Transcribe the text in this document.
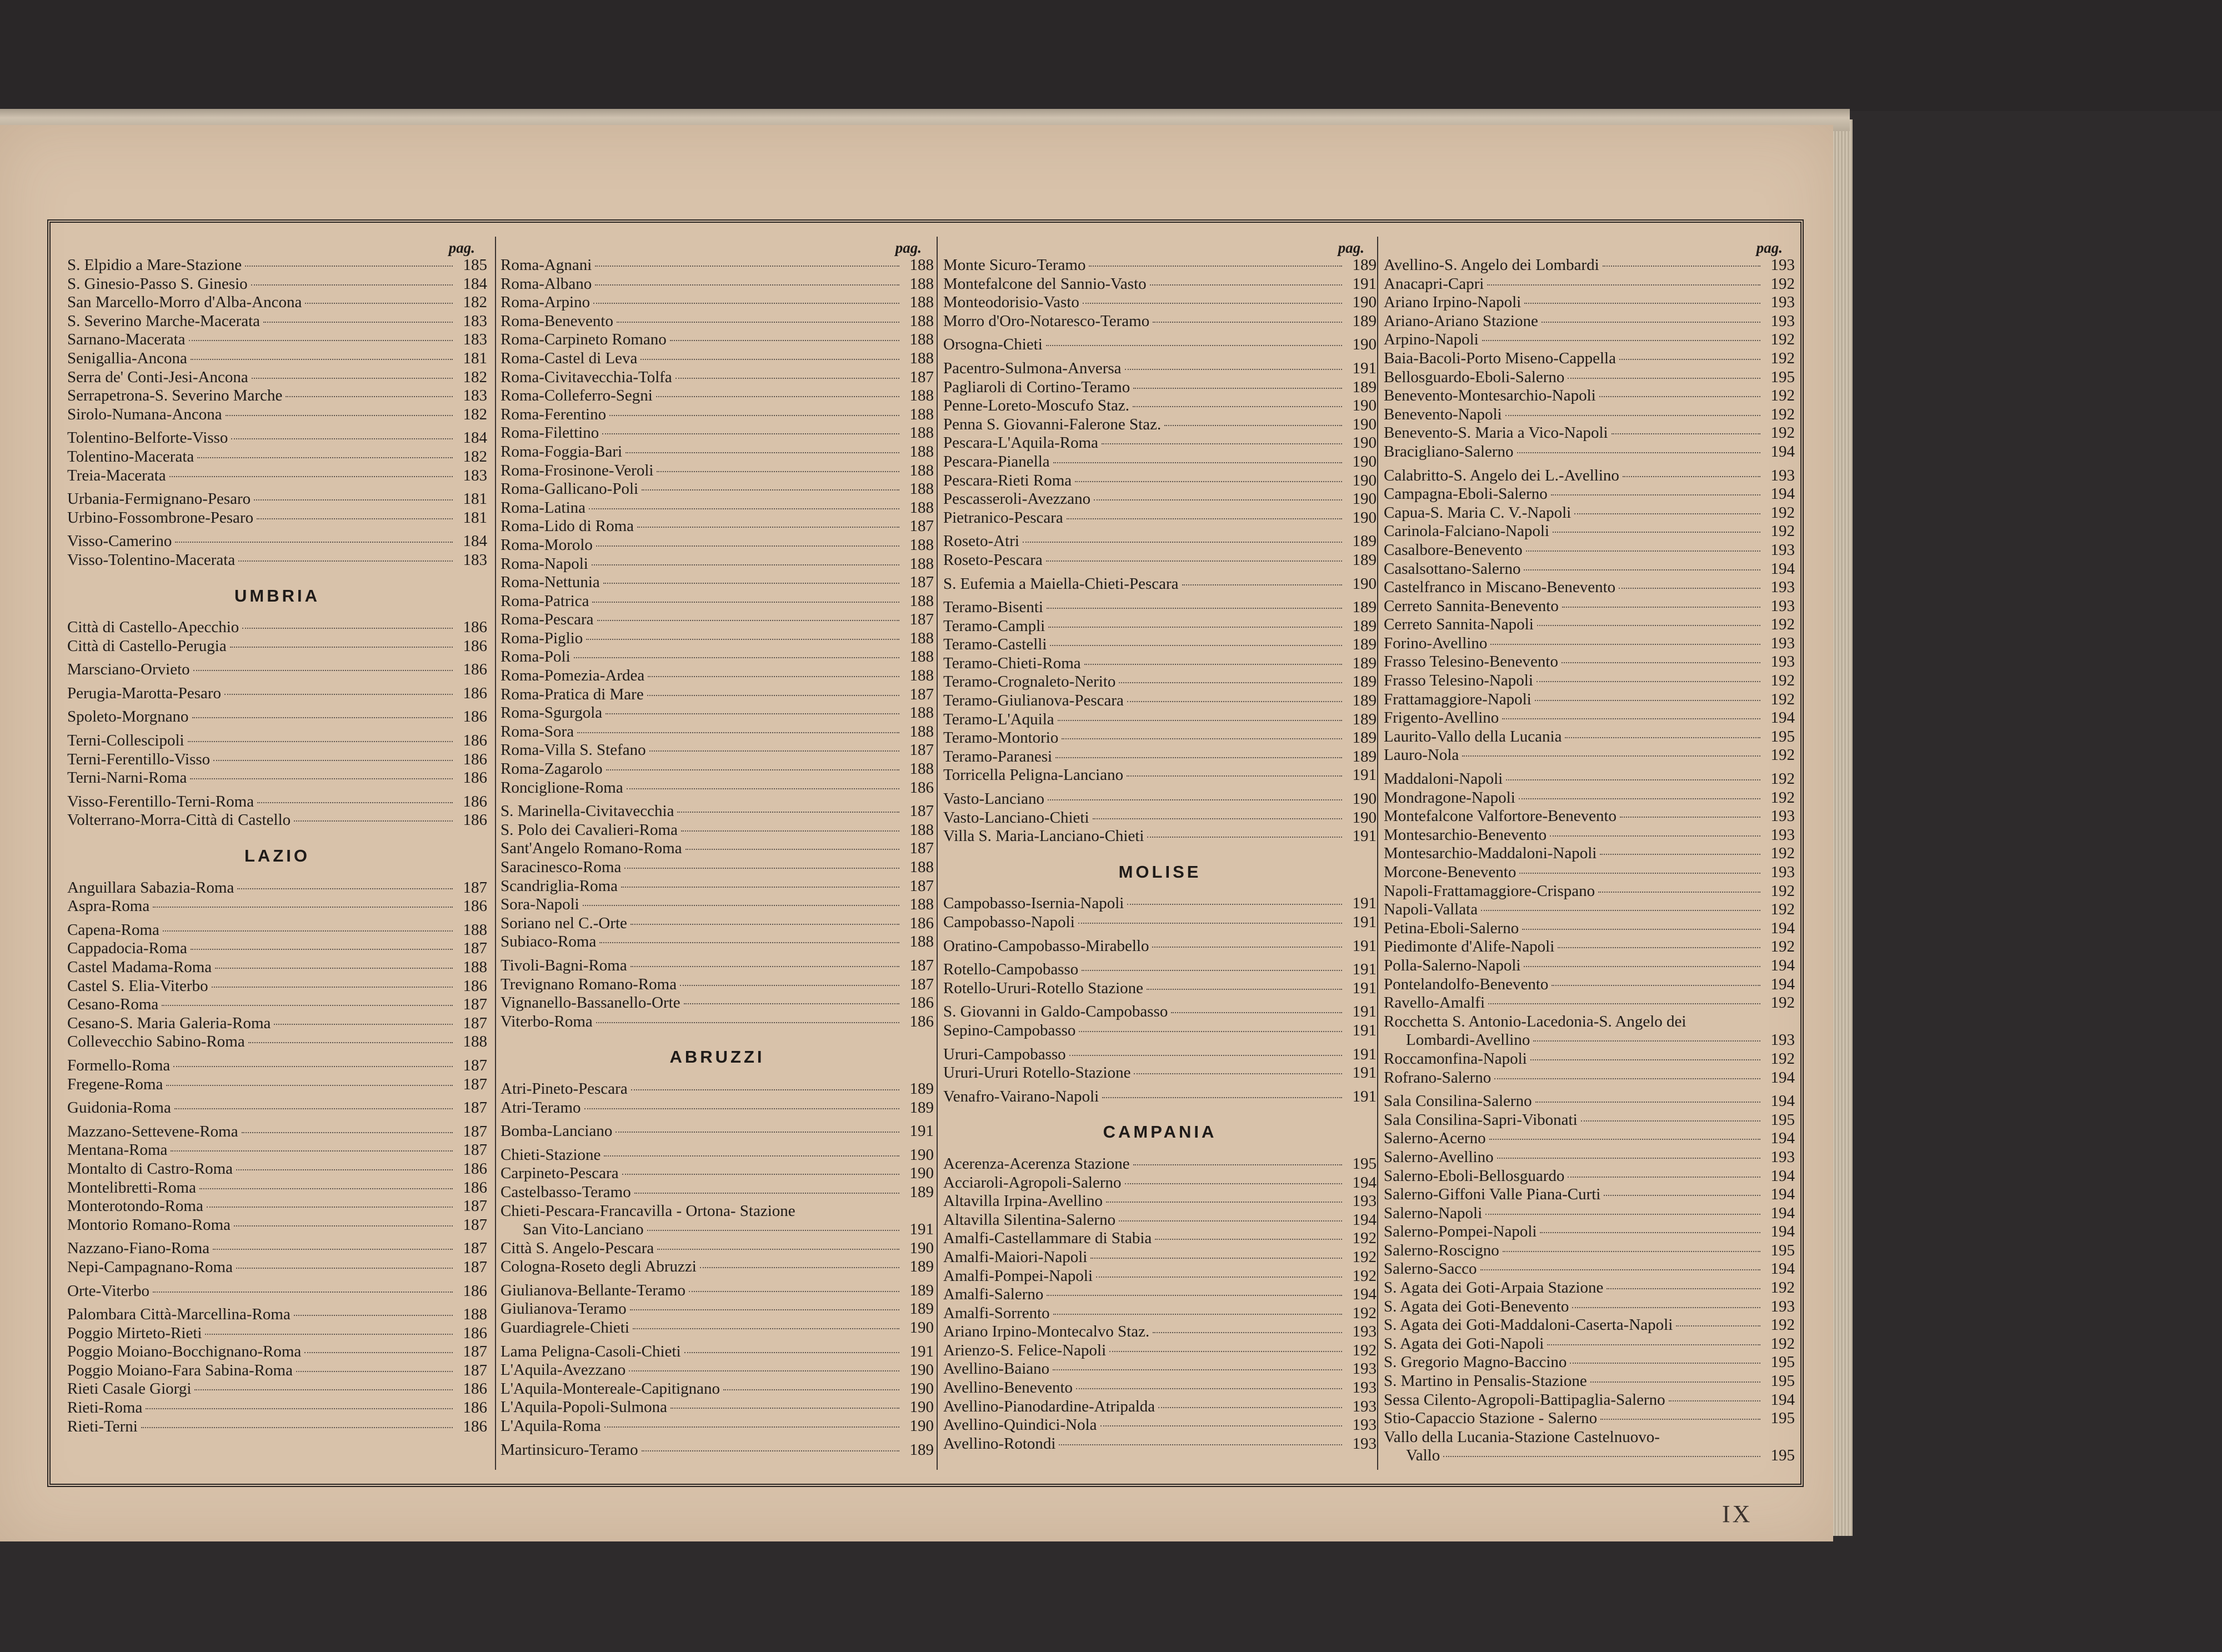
pag.
S. Elpidio a Mare-Stazione	185
S. Ginesio-Passo S. Ginesio	184
San Marcello-Morro d'Alba-Ancona	182
S. Severino Marche-Macerata	183
Sarnano-Macerata	183
Senigallia-Ancona	181
Serra de' Conti-Jesi-Ancona	182
Serrapetrona-S. Severino Marche	183
Sirolo-Numana-Ancona	182
Tolentino-Belforte-Visso	184
Tolentino-Macerata	182
Treia-Macerata	183
Urbania-Fermignano-Pesaro	181
Urbino-Fossombrone-Pesaro	181
Visso-Camerino	184
Visso-Tolentino-Macerata	183
UMBRIA
Città di Castello-Apecchio	186
Città di Castello-Perugia	186
Marsciano-Orvieto	186
Perugia-Marotta-Pesaro	186
Spoleto-Morgnano	186
Terni-Collescipoli	186
Terni-Ferentillo-Visso	186
Terni-Narni-Roma	186
Visso-Ferentillo-Terni-Roma	186
Volterrano-Morra-Città di Castello	186
LAZIO
Anguillara Sabazia-Roma	187
Aspra-Roma	186
Capena-Roma	188
Cappadocia-Roma	187
Castel Madama-Roma	188
Castel S. Elia-Viterbo	186
Cesano-Roma	187
Cesano-S. Maria Galeria-Roma	187
Collevecchio Sabino-Roma	188
Formello-Roma	187
Fregene-Roma	187
Guidonia-Roma	187
Mazzano-Settevene-Roma	187
Mentana-Roma	187
Montalto di Castro-Roma	186
Montelibretti-Roma	186
Monterotondo-Roma	187
Montorio Romano-Roma	187
Nazzano-Fiano-Roma	187
Nepi-Campagnano-Roma	187
Orte-Viterbo	186
Palombara Città-Marcellina-Roma	188
Poggio Mirteto-Rieti	186
Poggio Moiano-Bocchignano-Roma	187
Poggio Moiano-Fara Sabina-Roma	187
Rieti Casale Giorgi	186
Rieti-Roma	186
Rieti-Terni	186
pag.
Roma-Agnani	188
Roma-Albano	188
Roma-Arpino	188
Roma-Benevento	188
Roma-Carpineto Romano	188
Roma-Castel di Leva	188
Roma-Civitavecchia-Tolfa	187
Roma-Colleferro-Segni	188
Roma-Ferentino	188
Roma-Filettino	188
Roma-Foggia-Bari	188
Roma-Frosinone-Veroli	188
Roma-Gallicano-Poli	188
Roma-Latina	188
Roma-Lido di Roma	187
Roma-Morolo	188
Roma-Napoli	188
Roma-Nettunia	187
Roma-Patrica	188
Roma-Pescara	187
Roma-Piglio	188
Roma-Poli	188
Roma-Pomezia-Ardea	188
Roma-Pratica di Mare	187
Roma-Sgurgola	188
Roma-Sora	188
Roma-Villa S. Stefano	187
Roma-Zagarolo	188
Ronciglione-Roma	186
S. Marinella-Civitavecchia	187
S. Polo dei Cavalieri-Roma	188
Sant'Angelo Romano-Roma	187
Saracinesco-Roma	188
Scandriglia-Roma	187
Sora-Napoli	188
Soriano nel C.-Orte	186
Subiaco-Roma	188
Tivoli-Bagni-Roma	187
Trevignano Romano-Roma	187
Vignanello-Bassanello-Orte	186
Viterbo-Roma	186
ABRUZZI
Atri-Pineto-Pescara	189
Atri-Teramo	189
Bomba-Lanciano	191
Chieti-Stazione	190
Carpineto-Pescara	190
Castelbasso-Teramo	189
Chieti-Pescara-Francavilla - Ortona- Stazione
San Vito-Lanciano	191
Città S. Angelo-Pescara	190
Cologna-Roseto degli Abruzzi	189
Giulianova-Bellante-Teramo	189
Giulianova-Teramo	189
Guardiagrele-Chieti	190
Lama Peligna-Casoli-Chieti	191
L'Aquila-Avezzano	190
L'Aquila-Montereale-Capitignano	190
L'Aquila-Popoli-Sulmona	190
L'Aquila-Roma	190
Martinsicuro-Teramo	189
pag.
Monte Sicuro-Teramo	189
Montefalcone del Sannio-Vasto	191
Monteodorisio-Vasto	190
Morro d'Oro-Notaresco-Teramo	189
Orsogna-Chieti	190
Pacentro-Sulmona-Anversa	191
Pagliaroli di Cortino-Teramo	189
Penne-Loreto-Moscufo Staz.	190
Penna S. Giovanni-Falerone Staz.	190
Pescara-L'Aquila-Roma	190
Pescara-Pianella	190
Pescara-Rieti Roma	190
Pescasseroli-Avezzano	190
Pietranico-Pescara	190
Roseto-Atri	189
Roseto-Pescara	189
S. Eufemia a Maiella-Chieti-Pescara	190
Teramo-Bisenti	189
Teramo-Campli	189
Teramo-Castelli	189
Teramo-Chieti-Roma	189
Teramo-Crognaleto-Nerito	189
Teramo-Giulianova-Pescara	189
Teramo-L'Aquila	189
Teramo-Montorio	189
Teramo-Paranesi	189
Torricella Peligna-Lanciano	191
Vasto-Lanciano	190
Vasto-Lanciano-Chieti	190
Villa S. Maria-Lanciano-Chieti	191
MOLISE
Campobasso-Isernia-Napoli	191
Campobasso-Napoli	191
Oratino-Campobasso-Mirabello	191
Rotello-Campobasso	191
Rotello-Ururi-Rotello Stazione	191
S. Giovanni in Galdo-Campobasso	191
Sepino-Campobasso	191
Ururi-Campobasso	191
Ururi-Ururi Rotello-Stazione	191
Venafro-Vairano-Napoli	191
CAMPANIA
Acerenza-Acerenza Stazione	195
Acciaroli-Agropoli-Salerno	194
Altavilla Irpina-Avellino	193
Altavilla Silentina-Salerno	194
Amalfi-Castellammare di Stabia	192
Amalfi-Maiori-Napoli	192
Amalfi-Pompei-Napoli	192
Amalfi-Salerno	194
Amalfi-Sorrento	192
Ariano Irpino-Montecalvo Staz.	193
Arienzo-S. Felice-Napoli	192
Avellino-Baiano	193
Avellino-Benevento	193
Avellino-Pianodardine-Atripalda	193
Avellino-Quindici-Nola	193
Avellino-Rotondi	193
pag.
Avellino-S. Angelo dei Lombardi	193
Anacapri-Capri	192
Ariano Irpino-Napoli	193
Ariano-Ariano Stazione	193
Arpino-Napoli	192
Baia-Bacoli-Porto Miseno-Cappella	192
Bellosguardo-Eboli-Salerno	195
Benevento-Montesarchio-Napoli	192
Benevento-Napoli	192
Benevento-S. Maria a Vico-Napoli	192
Bracigliano-Salerno	194
Calabritto-S. Angelo dei L.-Avellino	193
Campagna-Eboli-Salerno	194
Capua-S. Maria C. V.-Napoli	192
Carinola-Falciano-Napoli	192
Casalbore-Benevento	193
Casalsottano-Salerno	194
Castelfranco in Miscano-Benevento	193
Cerreto Sannita-Benevento	193
Cerreto Sannita-Napoli	192
Forino-Avellino	193
Frasso Telesino-Benevento	193
Frasso Telesino-Napoli	192
Frattamaggiore-Napoli	192
Frigento-Avellino	194
Laurito-Vallo della Lucania	195
Lauro-Nola	192
Maddaloni-Napoli	192
Mondragone-Napoli	192
Montefalcone Valfortore-Benevento	193
Montesarchio-Benevento	193
Montesarchio-Maddaloni-Napoli	192
Morcone-Benevento	193
Napoli-Frattamaggiore-Crispano	192
Napoli-Vallata	192
Petina-Eboli-Salerno	194
Piedimonte d'Alife-Napoli	192
Polla-Salerno-Napoli	194
Pontelandolfo-Benevento	194
Ravello-Amalfi	192
Rocchetta S. Antonio-Lacedonia-S. Angelo dei
Lombardi-Avellino	193
Roccamonfina-Napoli	192
Rofrano-Salerno	194
Sala Consilina-Salerno	194
Sala Consilina-Sapri-Vibonati	195
Salerno-Acerno	194
Salerno-Avellino	193
Salerno-Eboli-Bellosguardo	194
Salerno-Giffoni Valle Piana-Curti	194
Salerno-Napoli	194
Salerno-Pompei-Napoli	194
Salerno-Roscigno	195
Salerno-Sacco	194
S. Agata dei Goti-Arpaia Stazione	192
S. Agata dei Goti-Benevento	193
S. Agata dei Goti-Maddaloni-Caserta-Napoli	192
S. Agata dei Goti-Napoli	192
S. Gregorio Magno-Baccino	195
S. Martino in Pensalis-Stazione	195
Sessa Cilento-Agropoli-Battipaglia-Salerno	194
Stio-Capaccio Stazione - Salerno	195
Vallo della Lucania-Stazione Castelnuovo-
Vallo	195
IX
